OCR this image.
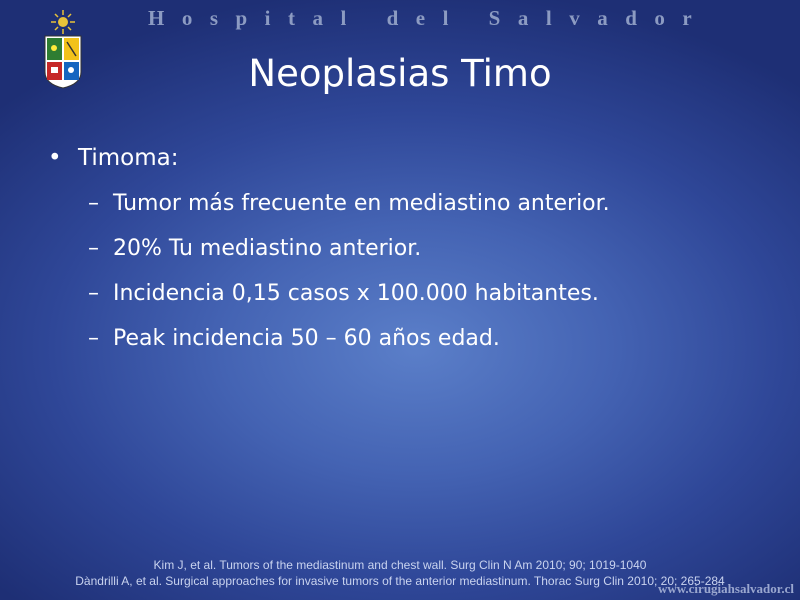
Hospital del Salvador
Neoplasias Timo
• Timoma:
– Tumor más frecuente en mediastino anterior.
– 20% Tu mediastino anterior.
– Incidencia 0,15 casos x 100.000 habitantes.
– Peak incidencia 50 – 60 años edad.
Kim J, et al. Tumors of the mediastinum and chest wall. Surg Clin N Am 2010; 90; 1019-1040
Dàndrilli A, et al. Surgical approaches for invasive tumors of the anterior mediastinum. Thorac Surg Clin 2010; 20; 265-284
www.cirugiahsalvador.cl
